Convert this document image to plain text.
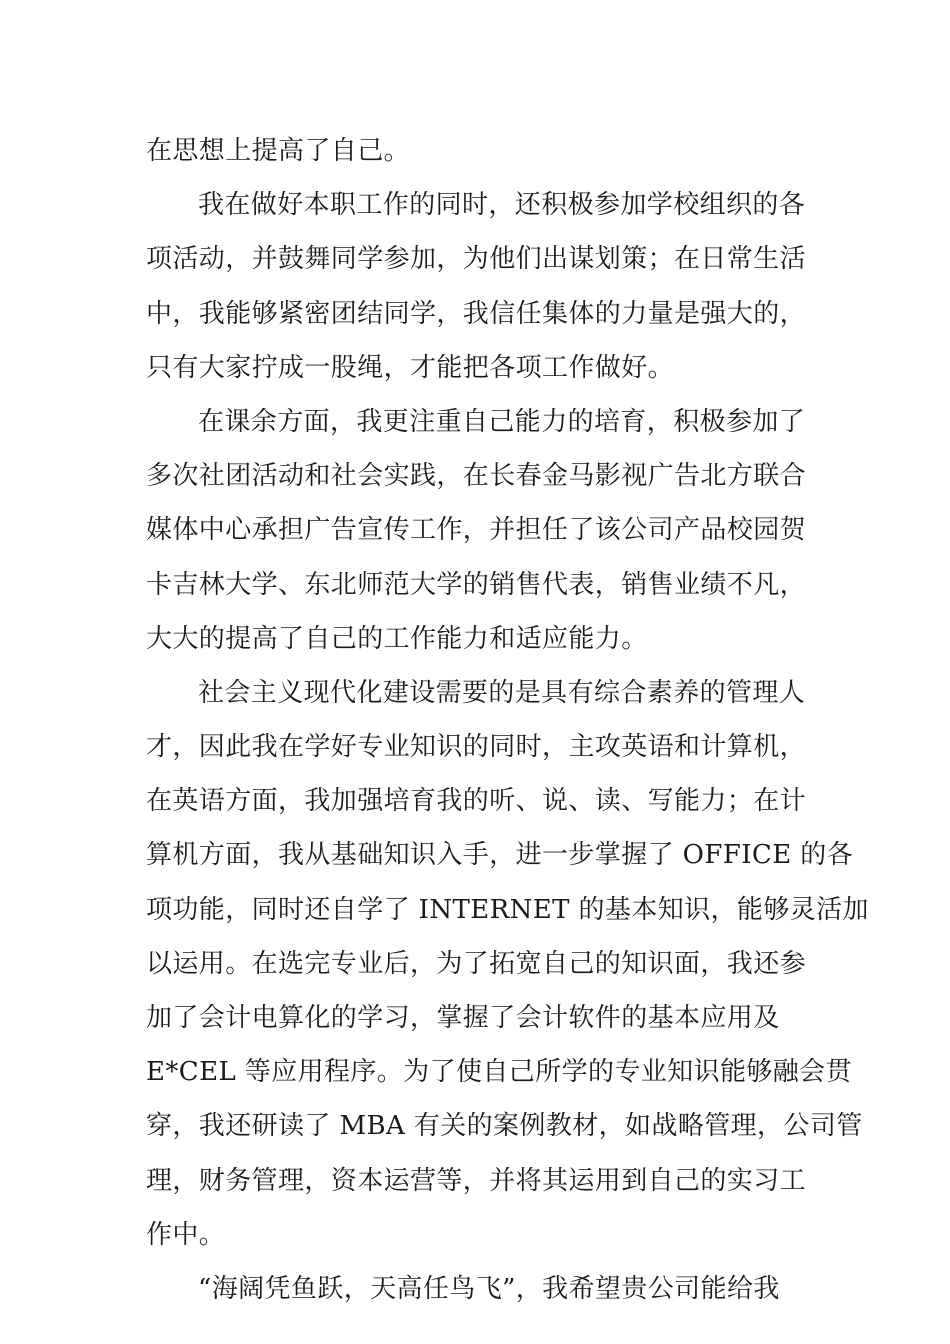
在思想上提高了自己。
我在做好本职工作的同时，还积极参加学校组织的各
项活动，并鼓舞同学参加，为他们出谋划策；在日常生活
中，我能够紧密团结同学，我信任集体的力量是强大的，
只有大家拧成一股绳，才能把各项工作做好。
在课余方面，我更注重自己能力的培育，积极参加了
多次社团活动和社会实践，在长春金马影视广告北方联合
媒体中心承担广告宣传工作，并担任了该公司产品校园贺
卡吉林大学、东北师范大学的销售代表，销售业绩不凡，
大大的提高了自己的工作能力和适应能力。
社会主义现代化建设需要的是具有综合素养的管理人
才，因此我在学好专业知识的同时，主攻英语和计算机，
在英语方面，我加强培育我的听、说、读、写能力；在计
算机方面，我从基础知识入手，进一步掌握了 OFFICE 的各
项功能，同时还自学了 INTERNET 的基本知识，能够灵活加
以运用。在选完专业后，为了拓宽自己的知识面，我还参
加了会计电算化的学习，掌握了会计软件的基本应用及
E*CEL 等应用程序。为了使自己所学的专业知识能够融会贯
穿，我还研读了 MBA 有关的案例教材，如战略管理，公司管
理，财务管理，资本运营等，并将其运用到自己的实习工
作中。
“海阔凭鱼跃，天高任鸟飞”，我希望贵公司能给我
